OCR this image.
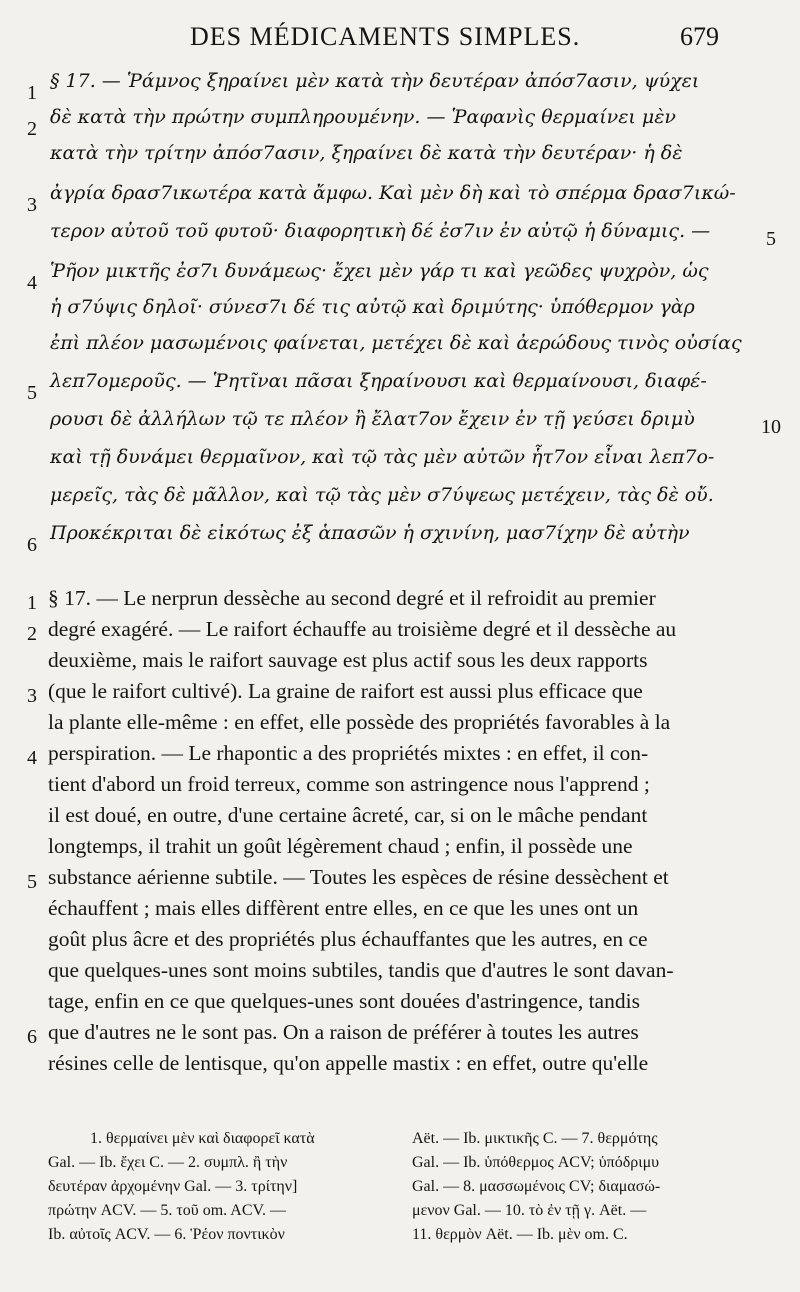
DES MÉDICAMENTS SIMPLES.	679
1
§ 17. — Ῥάμνος ξηραίνει μὲν κατὰ τὴν δευτέραν ἀπόσ7ασιν, ψύχει
2
δὲ κατὰ τὴν πρώτην συμπληρουμένην. — Ῥαφανὶς θερμαίνει μὲν
κατὰ τὴν τρίτην ἀπόσ7ασιν, ξηραίνει δὲ κατὰ τὴν δευτέραν· ἡ δὲ
3
ἀγρία δρασ7ικωτέρα κατὰ ἄμφω. Καὶ μὲν δὴ καὶ τὸ σπέρμα δρασ7ικώ-
τερον αὐτοῦ τοῦ φυτοῦ· διαφορητικὴ δέ ἐσ7ιν ἐν αὐτῷ ἡ δύναμις. —	5
4
Ῥῆον μικτῆς ἐσ7ι δυνάμεως· ἔχει μὲν γάρ τι καὶ γεῶδες ψυχρὸν, ὡς
ἡ σ7ύψις δηλοῖ· σύνεσ7ι δέ τις αὐτῷ καὶ δριμύτης· ὑπόθερμον γὰρ
ἐπὶ πλέον μασωμένοις φαίνεται, μετέχει δὲ καὶ ἀερώδους τινὸς οὐσίας
5
λεπ7ομεροῦς. — Ῥητῖναι πᾶσαι ξηραίνουσι καὶ θερμαίνουσι, διαφέ-
ρουσι δὲ ἀλλήλων τῷ τε πλέον ἢ ἔλατ7ον ἔχειν ἐν τῇ γεύσει δριμὺ	10
καὶ τῇ δυνάμει θερμαῖνον, καὶ τῷ τὰς μὲν αὐτῶν ἧτ7ον εἶναι λεπ7ο-
μερεῖς, τὰς δὲ μᾶλλον, καὶ τῷ τὰς μὲν σ7ύψεως μετέχειν, τὰς δὲ οὔ.
6
Προκέκριται δὲ εἰκότως ἐξ ἁπασῶν ἡ σχινίνη, μασ7ίχην δὲ αὐτὴν
1 § 17. — Le nerprun dessèche au second degré et il refroidit au premier
2 degré exagéré. — Le raifort échauffe au troisième degré et il dessèche au
deuxième, mais le raifort sauvage est plus actif sous les deux rapports
3 (que le raifort cultivé). La graine de raifort est aussi plus efficace que
la plante elle-même : en effet, elle possède des propriétés favorables à la
4 perspiration. — Le rhapontic a des propriétés mixtes : en effet, il con-
tient d'abord un froid terreux, comme son astringence nous l'apprend ;
il est doué, en outre, d'une certaine âcreté, car, si on le mâche pendant
longtemps, il trahit un goût légèrement chaud ; enfin, il possède une
5 substance aérienne subtile. — Toutes les espèces de résine dessèchent et
échauffent ; mais elles diffèrent entre elles, en ce que les unes ont un
goût plus âcre et des propriétés plus échauffantes que les autres, en ce
que quelques-unes sont moins subtiles, tandis que d'autres le sont davan-
tage, enfin en ce que quelques-unes sont douées d'astringence, tandis
6 que d'autres ne le sont pas. On a raison de préférer à toutes les autres
résines celle de lentisque, qu'on appelle mastix : en effet, outre qu'elle
1. θερμαίνει μὲν καὶ διαφορεῖ κατὰ
Gal. — Ib. ἔχει C. — 2. συμπλ. ἢ τὴν
δευτέραν ἀρχομένην Gal. — 3. τρίτην]
πρώτην ACV. — 5. τοῦ om. ACV. —
Ib. αὐτοῖς ACV. — 6. Ῥέον ποντικὸν
Aët. — Ib. μικτικῆς C. — 7. θερμότης
Gal. — Ib. ὑπόθερμος ACV; ὑπόδριμυ
Gal. — 8. μασσωμένοις CV; διαμασώ-
μενον Gal. — 10. τὸ ἐν τῇ γ. Aët. —
11. θερμὸν Aët. — Ib. μὲν om. C.
